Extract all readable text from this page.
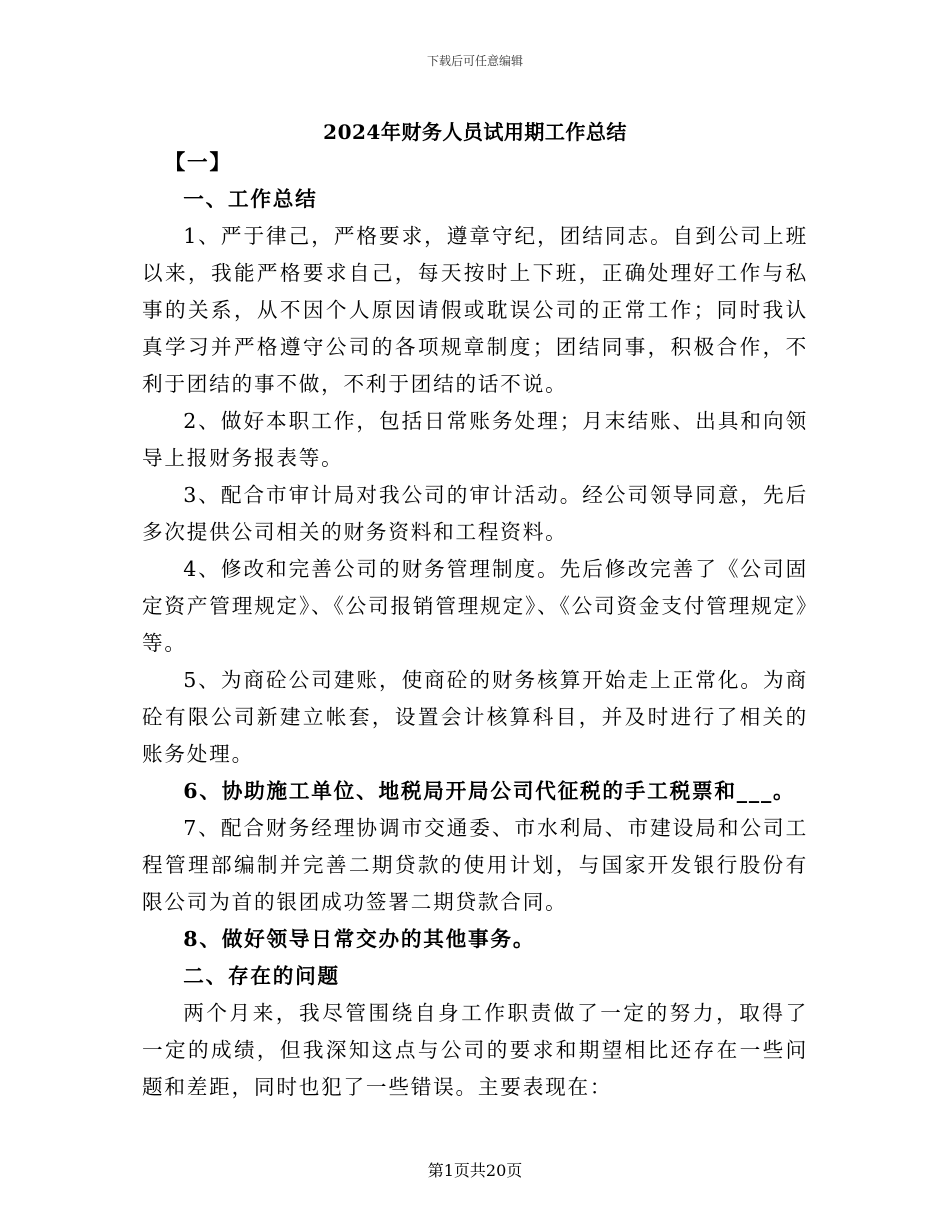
下载后可任意编辑
2024年财务人员试用期工作总结

【一】

一、工作总结

1、严于律己，严格要求，遵章守纪，团结同志。自到公司上班以来，我能严格要求自己，每天按时上下班，正确处理好工作与私事的关系，从不因个人原因请假或耽误公司的正常工作；同时我认真学习并严格遵守公司的各项规章制度；团结同事，积极合作，不利于团结的事不做，不利于团结的话不说。

2、做好本职工作，包括日常账务处理；月末结账、出具和向领导上报财务报表等。

3、配合市审计局对我公司的审计活动。经公司领导同意，先后多次提供公司相关的财务资料和工程资料。

4、修改和完善公司的财务管理制度。先后修改完善了《公司固定资产管理规定》、《公司报销管理规定》、《公司资金支付管理规定》等。

5、为商砼公司建账，使商砼的财务核算开始走上正常化。为商砼有限公司新建立帐套，设置会计核算科目，并及时进行了相关的账务处理。

6、协助施工单位、地税局开局公司代征税的手工税票和___。

7、配合财务经理协调市交通委、市水利局、市建设局和公司工程管理部编制并完善二期贷款的使用计划，与国家开发银行股份有限公司为首的银团成功签署二期贷款合同。

8、做好领导日常交办的其他事务。

二、存在的问题

两个月来，我尽管围绕自身工作职责做了一定的努力，取得了一定的成绩，但我深知这点与公司的要求和期望相比还存在一些问题和差距，同时也犯了一些错误。主要表现在：

第1页共20页
